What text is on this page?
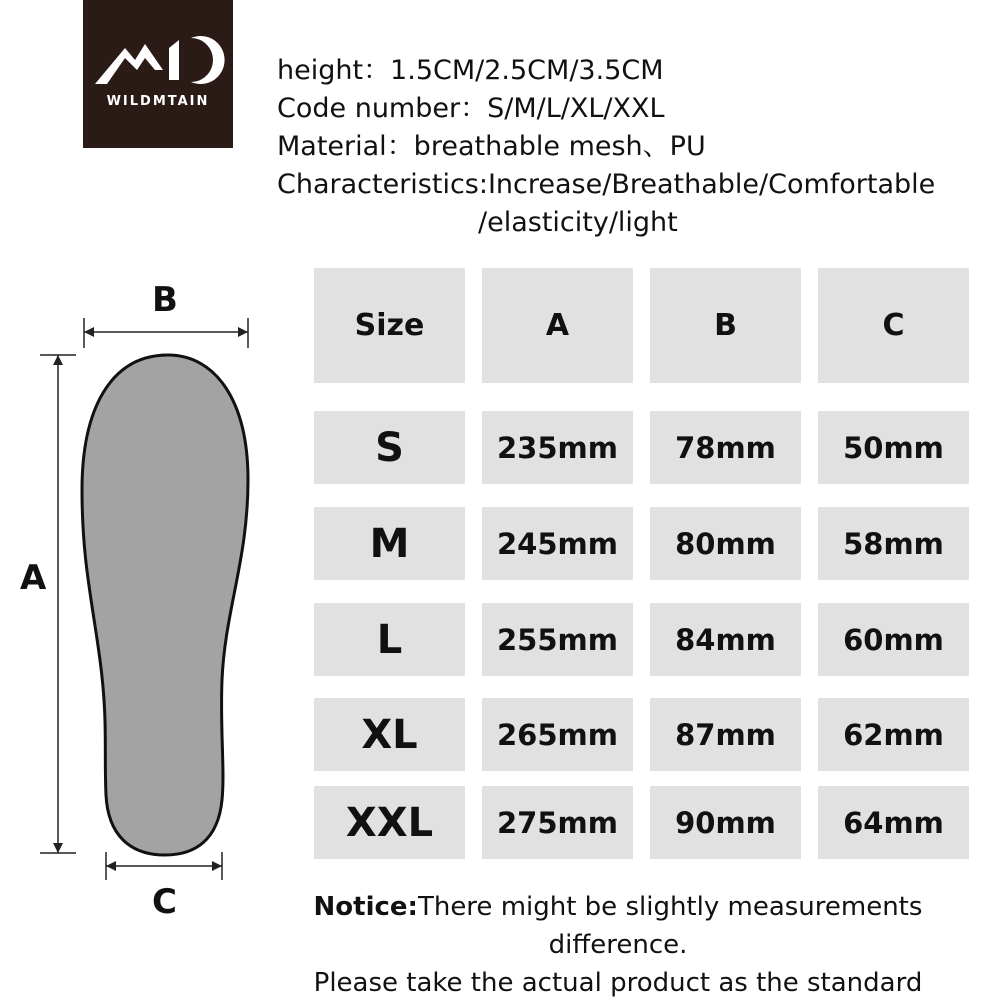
WILDMTAIN
height：1.5CM/2.5CM/3.5CM
Code number：S/M/L/XL/XXL
Material：breathable mesh、PU
Characteristics:Increase/Breathable/Comfortable
/elasticity/light
B
A
C
Size	A	B	C
S	235mm	78mm	50mm
M	245mm	80mm	58mm
L	255mm	84mm	60mm
XL	265mm	87mm	62mm
XXL	275mm	90mm	64mm
Notice:There might be slightly measurements difference.
Please take the actual product as the standard
